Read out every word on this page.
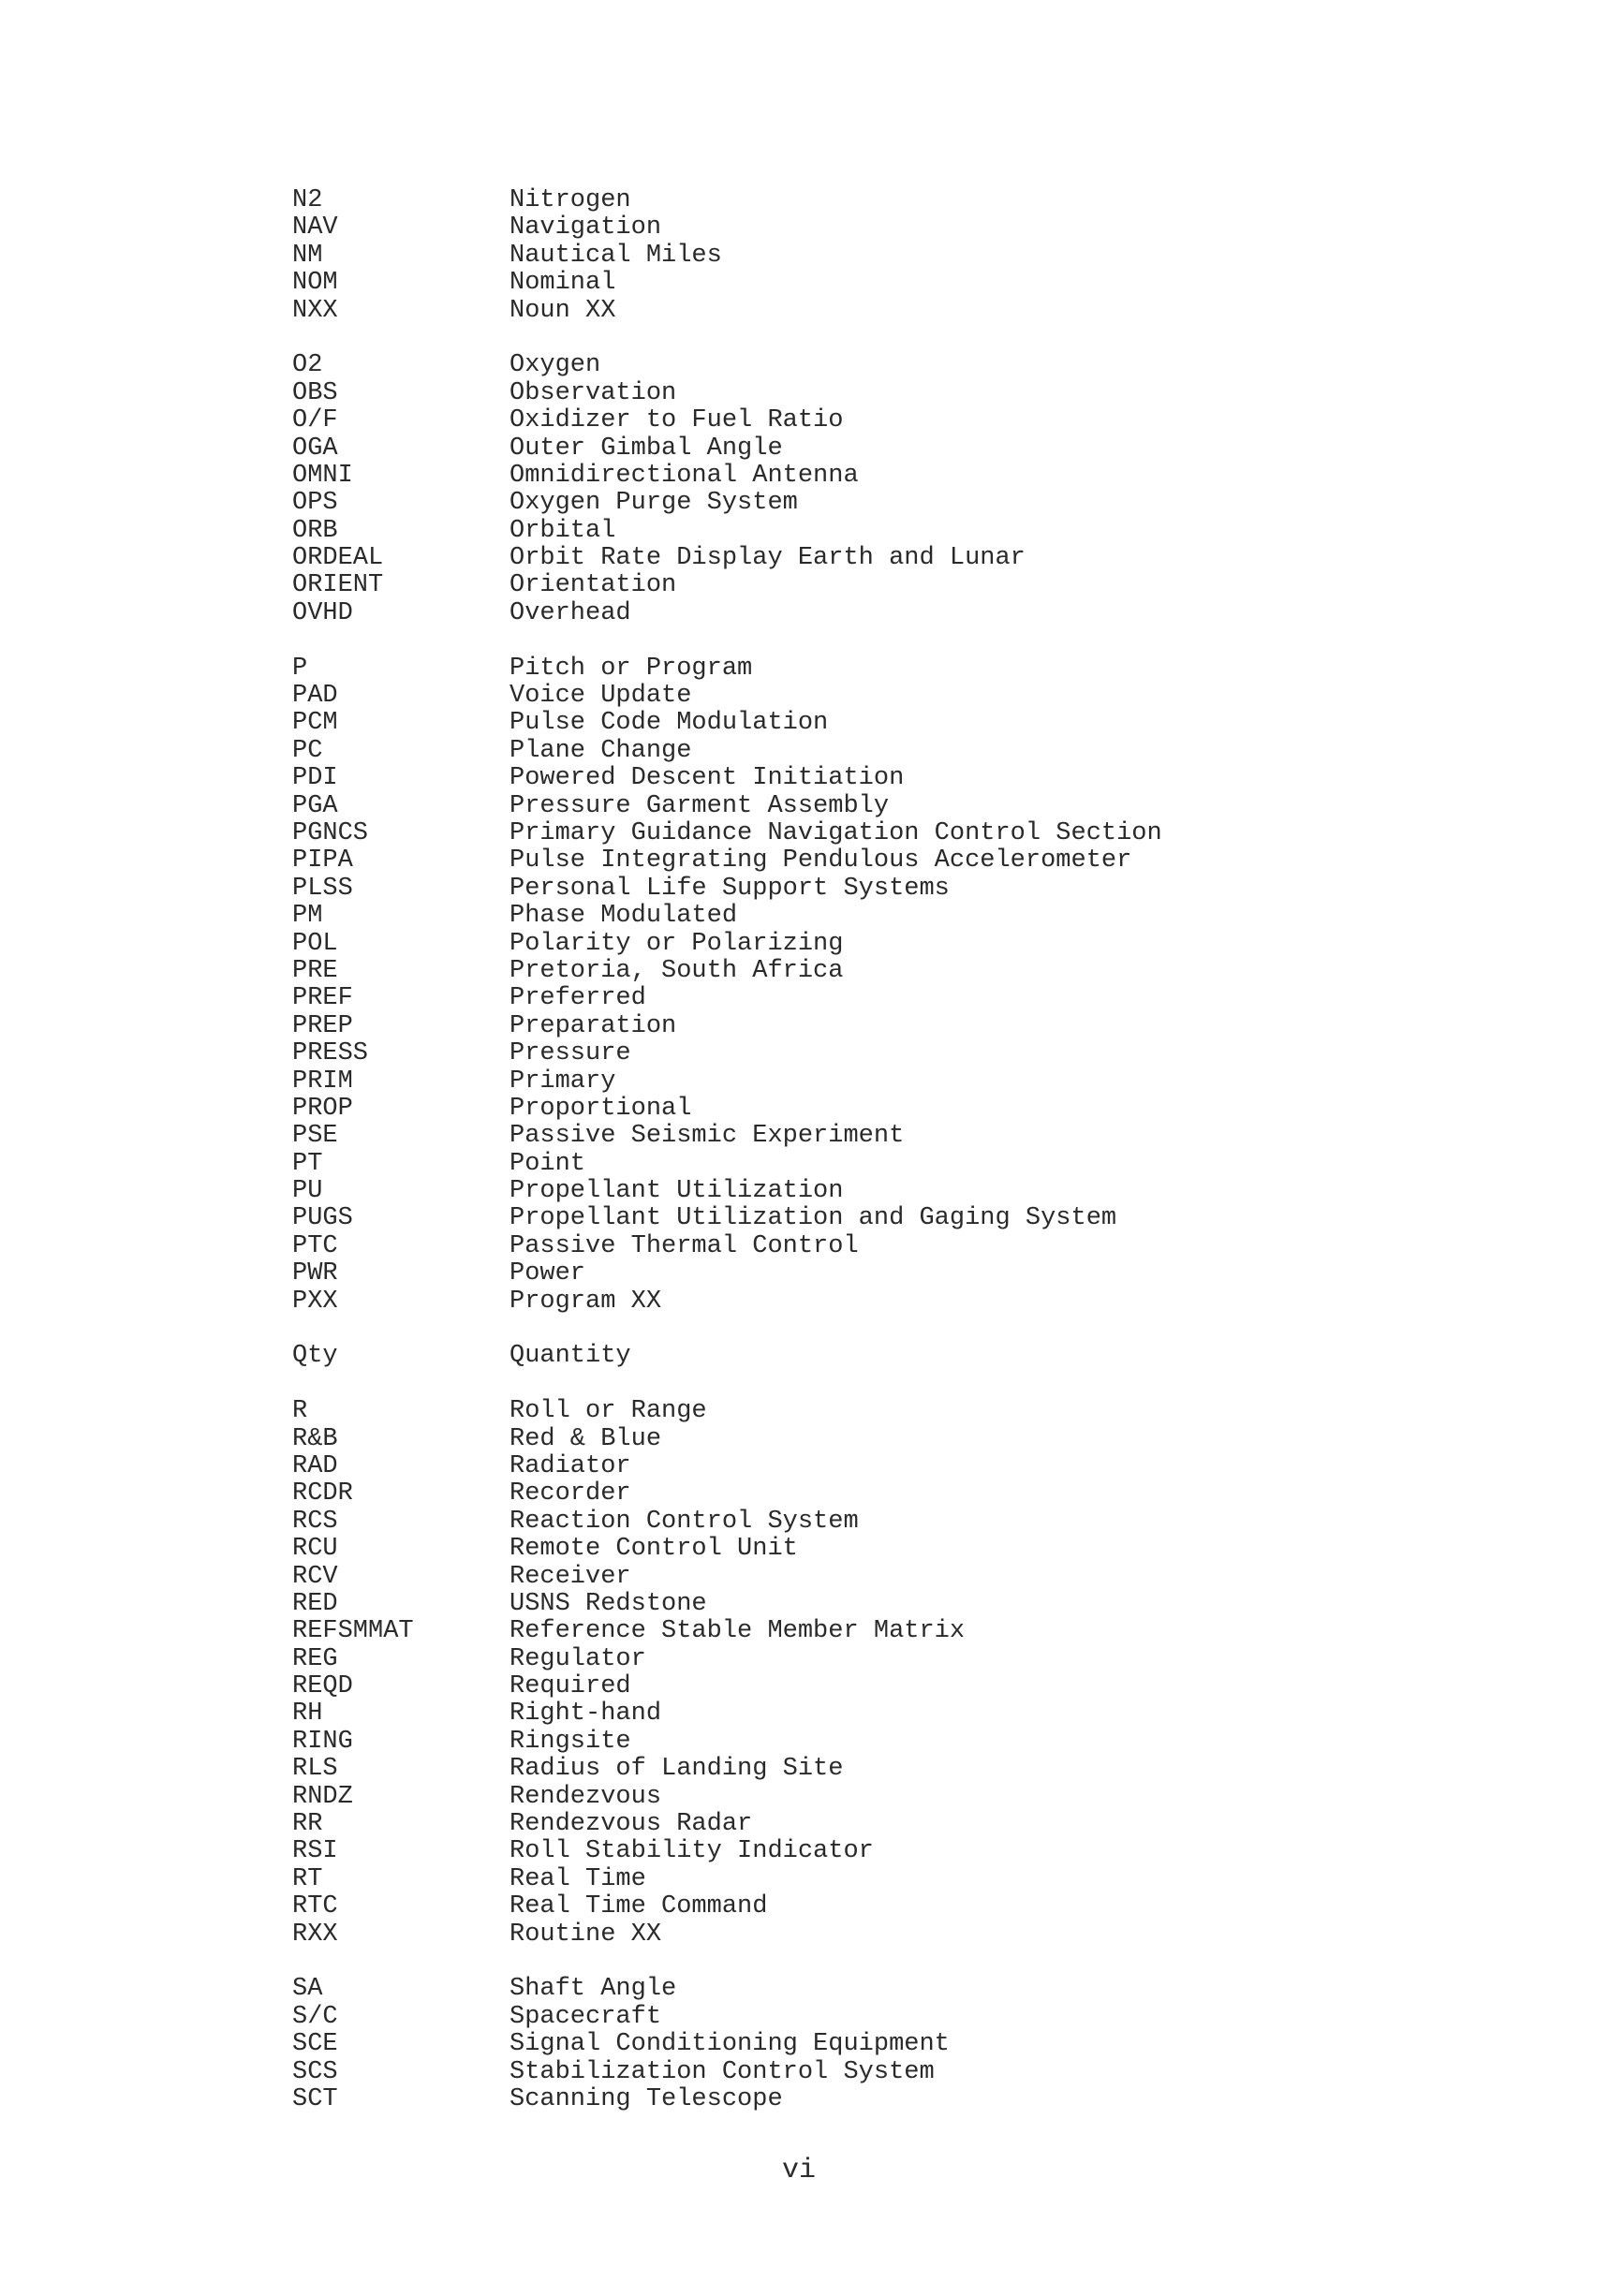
N2	Nitrogen
NAV	Navigation
NM	Nautical Miles
NOM	Nominal
NXX	Noun XX
O2	Oxygen
OBS	Observation
O/F	Oxidizer to Fuel Ratio
OGA	Outer Gimbal Angle
OMNI	Omnidirectional Antenna
OPS	Oxygen Purge System
ORB	Orbital
ORDEAL	Orbit Rate Display Earth and Lunar
ORIENT	Orientation
OVHD	Overhead
P	Pitch or Program
PAD	Voice Update
PCM	Pulse Code Modulation
PC	Plane Change
PDI	Powered Descent Initiation
PGA	Pressure Garment Assembly
PGNCS	Primary Guidance Navigation Control Section
PIPA	Pulse Integrating Pendulous Accelerometer
PLSS	Personal Life Support Systems
PM	Phase Modulated
POL	Polarity or Polarizing
PRE	Pretoria, South Africa
PREF	Preferred
PREP	Preparation
PRESS	Pressure
PRIM	Primary
PROP	Proportional
PSE	Passive Seismic Experiment
PT	Point
PU	Propellant Utilization
PUGS	Propellant Utilization and Gaging System
PTC	Passive Thermal Control
PWR	Power
PXX	Program XX
Qty	Quantity
R	Roll or Range
R&B	Red & Blue
RAD	Radiator
RCDR	Recorder
RCS	Reaction Control System
RCU	Remote Control Unit
RCV	Receiver
RED	USNS Redstone
REFSMMAT	Reference Stable Member Matrix
REG	Regulator
REQD	Required
RH	Right-hand
RING	Ringsite
RLS	Radius of Landing Site
RNDZ	Rendezvous
RR	Rendezvous Radar
RSI	Roll Stability Indicator
RT	Real Time
RTC	Real Time Command
RXX	Routine XX
SA	Shaft Angle
S/C	Spacecraft
SCE	Signal Conditioning Equipment
SCS	Stabilization Control System
SCT	Scanning Telescope
vi
